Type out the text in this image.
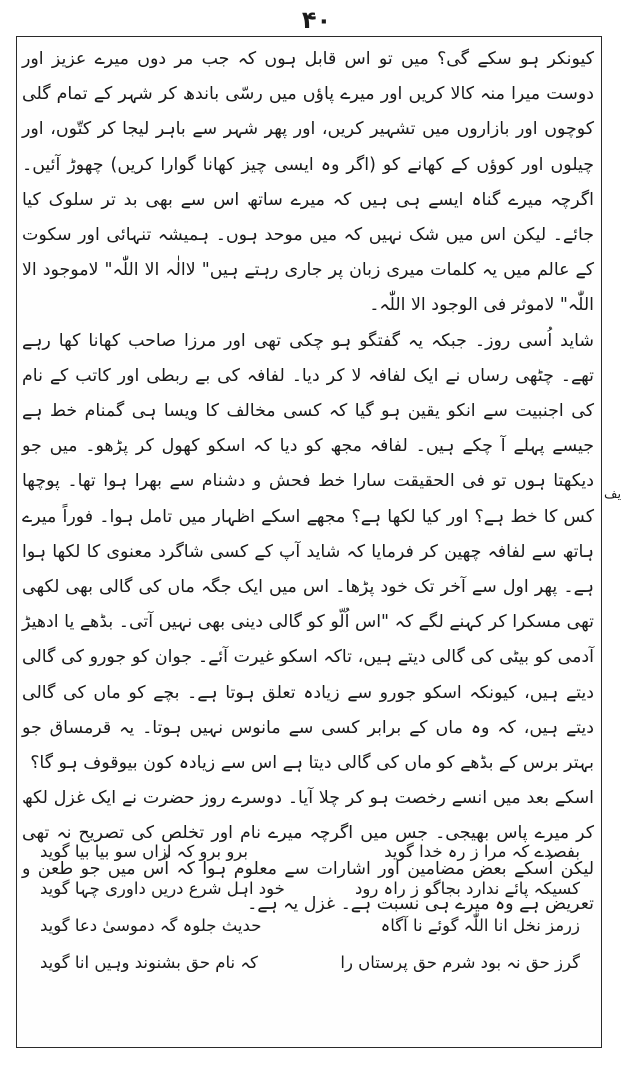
۴۰

کیونکر ہو سکے گی؟ میں تو اس قابل ہوں کہ جب مر دوں میرے عزیز اور دوست میرا منہ کالا کریں اور میرے پاؤں میں رسّی باندھ کر شہر کے تمام گلی کوچوں اور بازاروں میں تشہیر کریں، اور پھر شہر سے باہر لیجا کر کتّوں، اور چیلوں اور کوؤں کے کھانے کو (اگر وہ ایسی چیز کھانا گوارا کریں) چھوڑ آئیں۔ اگرچہ میرے گناہ ایسے ہی ہیں کہ میرے ساتھ اس سے بھی بد تر سلوک کیا جائے۔ لیکن اس میں شک نہیں کہ میں موحد ہوں۔ ہمیشہ تنہائی اور سکوت کے عالم میں یہ کلمات میری زبان پر جاری رہتے ہیں" لاالٰہ الا اللّٰہ" لاموجود الا اللّٰہ" لاموثر فی الوجود الا اللّٰہ۔

شاید اُسی روز۔ جبکہ یہ گفتگو ہو چکی تھی اور مرزا صاحب کھانا کھا رہے تھے۔ چٹھی رساں نے ایک لفافہ لا کر دیا۔ لفافہ کی بے ربطی اور کاتب کے نام کی اجنبیت سے انکو یقین ہو گیا کہ کسی مخالف کا ویسا ہی گمنام خط ہے جیسے پہلے آ چکے ہیں۔ لفافہ مجھ کو دیا کہ اسکو کھول کر پڑھو۔ میں جو دیکھتا ہوں تو فی الحقیقت سارا خط فحش و دشنام سے بھرا ہوا تھا۔ پوچھا کس کا خط ہے؟ اور کیا لکھا ہے؟ مجھے اسکے اظہار میں تامل ہوا۔ فوراً میرے ہاتھ سے لفافہ چھین کر فرمایا کہ شاید آپ کے کسی شاگرد معنوی کا لکھا ہوا ہے۔ پھر اول سے آخر تک خود پڑھا۔ اس میں ایک جگہ ماں کی گالی بھی لکھی تھی مسکرا کر کہنے لگے کہ "اس اُلّو کو گالی دینی بھی نہیں آتی۔ بڈھے یا ادھیڑ آدمی کو بیٹی کی گالی دیتے ہیں، تاکہ اسکو غیرت آئے۔ جوان کو جورو کی گالی دیتے ہیں، کیونکہ اسکو جورو سے زیادہ تعلق ہوتا ہے۔ بچے کو ماں کی گالی دیتے ہیں، کہ وہ ماں کے برابر کسی سے مانوس نہیں ہوتا۔ یہ قرمساق جو بہتر برس کے بڈھے کو ماں کی گالی دیتا ہے اس سے زیادہ کون بیوقوف ہو گا؟

اسکے بعد میں انسے رخصت ہو کر چلا آیا۔ دوسرے روز حضرت نے ایک غزل لکھ کر میرے پاس بھیجی۔ جس میں اگرچہ میرے نام اور تخلص کی تصریح نہ تھی لیکن اُسکے بعض مضامین اور اشارات سے معلوم ہوا کہ اُس میں جو طعن و تعریض ہے وہ میرے ہی نسبت ہے۔ غزل یہ ہے۔

یف
بفصدے کہ مرا ز رہ خدا گوید
برو برو کہ ازاں سو بیا بیا گوید
کسیکہ پائے ندارد بجاگو ز راہ رود
خود اہل شرع دریں داوری چہا گوید
زرمز نخل انا اللّٰہ گوئے نا آگاہ
حدیث جلوہ گہ دموسیٰ دعا گوید
گرز حق نہ بود شرم حق پرستاں را
کہ نام حق بشنوند وہیں انا گوید
